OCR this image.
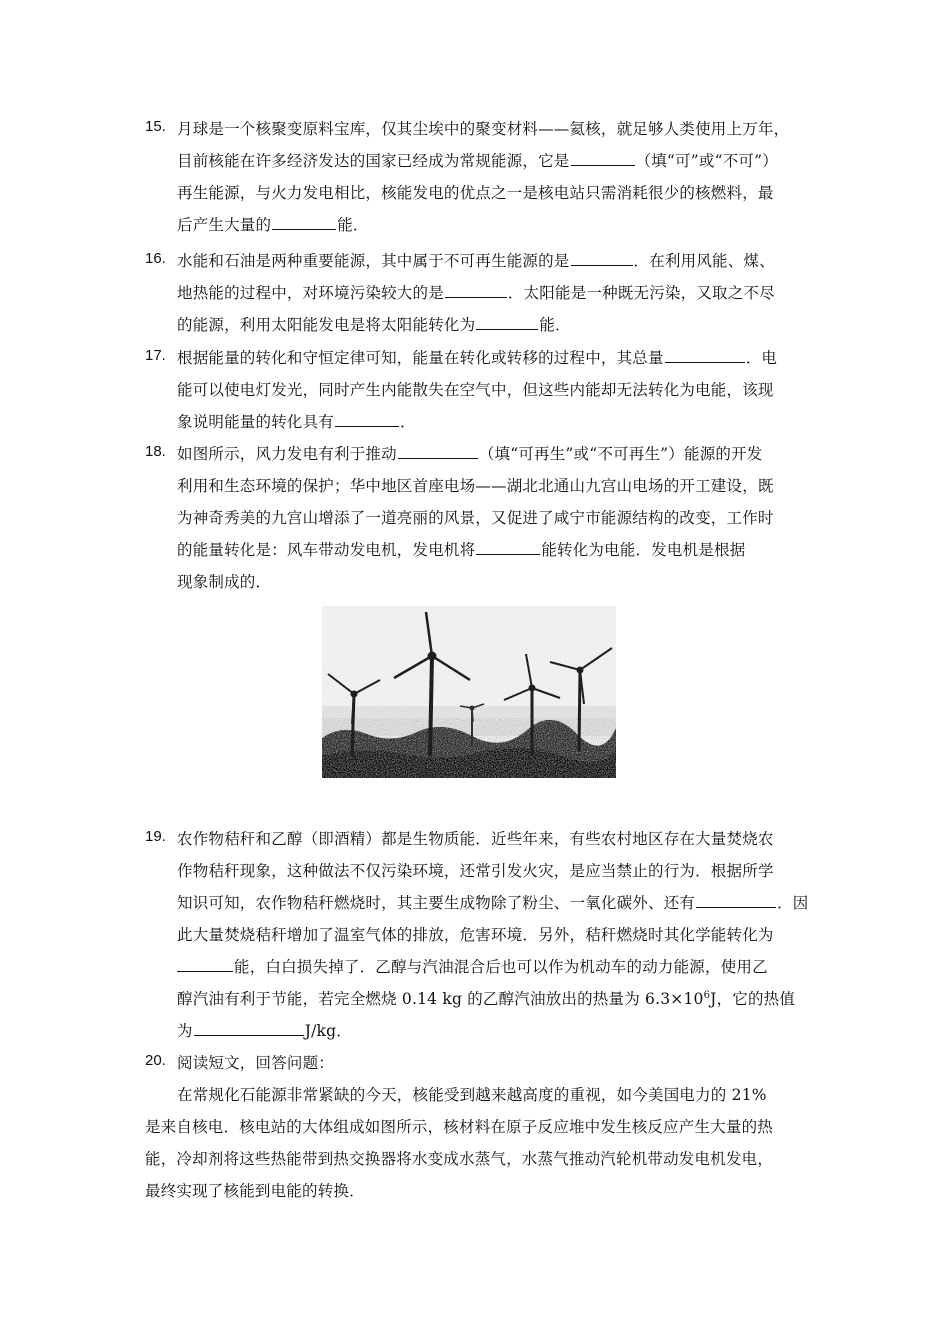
15. 月球是一个核聚变原料宝库，仅其尘埃中的聚变材料——氦核，就足够人类使用上万年，
目前核能在许多经济发达的国家已经成为常规能源，它是	（填“可”或“不可”）
再生能源，与火力发电相比，核能发电的优点之一是核电站只需消耗很少的核燃料，最
后产生大量的	能．
16. 水能和石油是两种重要能源，其中属于不可再生能源的是	．在利用风能、煤、
地热能的过程中，对环境污染较大的是	．太阳能是一种既无污染，又取之不尽
的能源，利用太阳能发电是将太阳能转化为	能．
17. 根据能量的转化和守恒定律可知，能量在转化或转移的过程中，其总量	．电
能可以使电灯发光，同时产生内能散失在空气中，但这些内能却无法转化为电能，该现
象说明能量的转化具有	．
18. 如图所示，风力发电有利于推动	（填“可再生”或“不可再生”）能源的开发
利用和生态环境的保护；华中地区首座电场——湖北北通山九宫山电场的开工建设，既
为神奇秀美的九宫山增添了一道亮丽的风景，又促进了咸宁市能源结构的改变，工作时
的能量转化是：风车带动发电机，发电机将	能转化为电能．发电机是根据
现象制成的．
19. 农作物秸秆和乙醇（即酒精）都是生物质能．近些年来，有些农村地区存在大量焚烧农
作物秸秆现象，这种做法不仅污染环境，还常引发火灾，是应当禁止的行为．根据所学
知识可知，农作物秸秆燃烧时，其主要生成物除了粉尘、一氧化碳外、还有	．因
此大量焚烧秸秆增加了温室气体的排放，危害环境．另外，秸秆燃烧时其化学能转化为
能，白白损失掉了．乙醇与汽油混合后也可以作为机动车的动力能源，使用乙
醇汽油有利于节能，若完全燃烧 0.14 kg 的乙醇汽油放出的热量为 $6.3\times 10^6J$，它的热值
为	J/kg．
20. 阅读短文，回答问题：
在常规化石能源非常紧缺的今天，核能受到越来越高度的重视，如今美国电力的 21%
是来自核电．核电站的大体组成如图所示，核材料在原子反应堆中发生核反应产生大量的热
能，冷却剂将这些热能带到热交换器将水变成水蒸气，水蒸气推动汽轮机带动发电机发电，
最终实现了核能到电能的转换．
